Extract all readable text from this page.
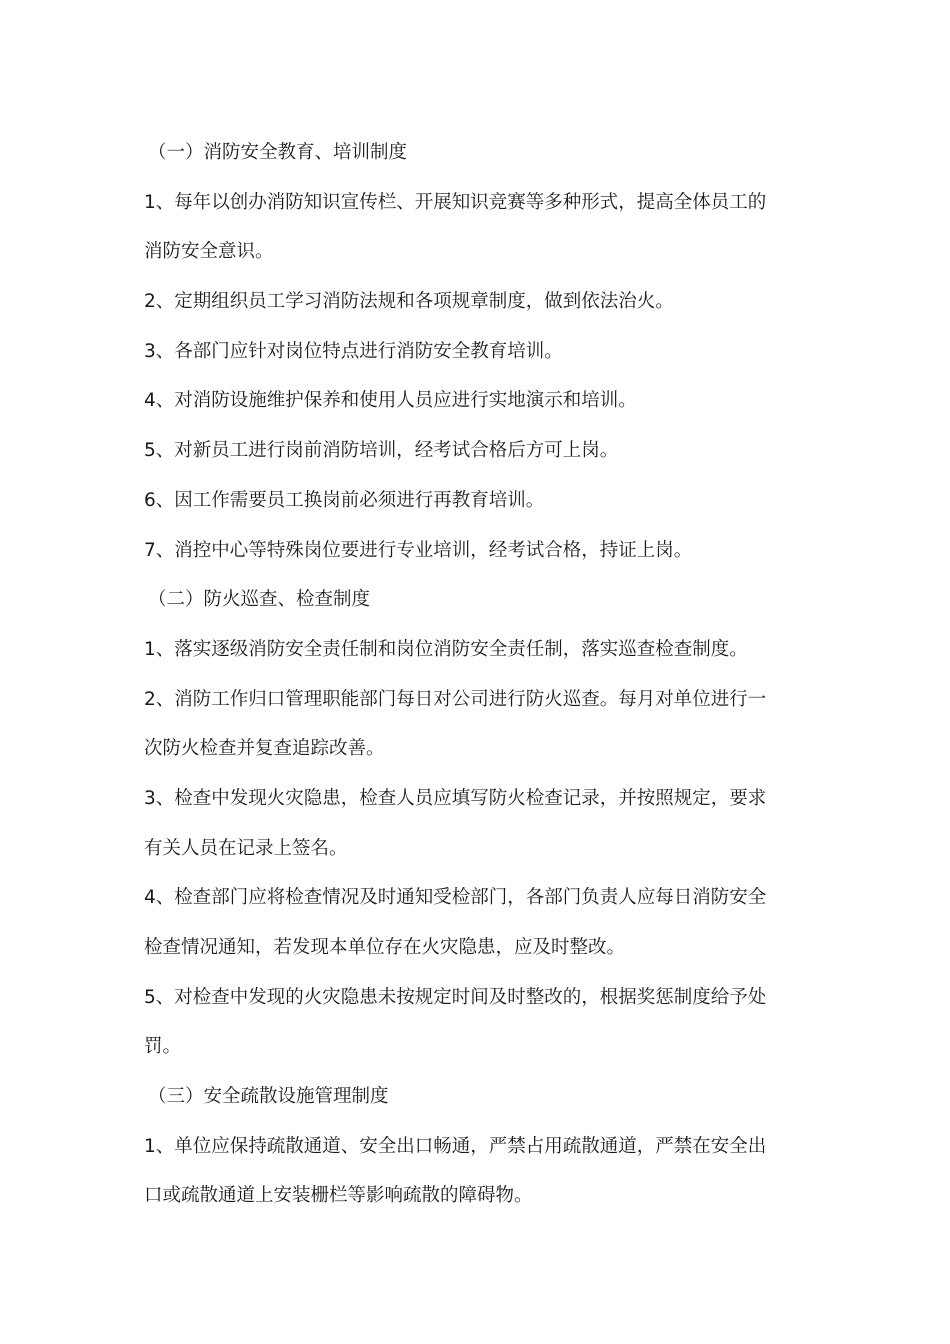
（一）消防安全教育、培训制度
1、每年以创办消防知识宣传栏、开展知识竞赛等多种形式，提高全体员工的
消防安全意识。
2、定期组织员工学习消防法规和各项规章制度，做到依法治火。
3、各部门应针对岗位特点进行消防安全教育培训。
4、对消防设施维护保养和使用人员应进行实地演示和培训。
5、对新员工进行岗前消防培训，经考试合格后方可上岗。
6、因工作需要员工换岗前必须进行再教育培训。
7、消控中心等特殊岗位要进行专业培训，经考试合格，持证上岗。
（二）防火巡查、检查制度
1、落实逐级消防安全责任制和岗位消防安全责任制，落实巡查检查制度。
2、消防工作归口管理职能部门每日对公司进行防火巡查。每月对单位进行一
次防火检查并复查追踪改善。
3、检查中发现火灾隐患，检查人员应填写防火检查记录，并按照规定，要求
有关人员在记录上签名。
4、检查部门应将检查情况及时通知受检部门，各部门负责人应每日消防安全
检查情况通知，若发现本单位存在火灾隐患，应及时整改。
5、对检查中发现的火灾隐患未按规定时间及时整改的，根据奖惩制度给予处
罚。
（三）安全疏散设施管理制度
1、单位应保持疏散通道、安全出口畅通，严禁占用疏散通道，严禁在安全出
口或疏散通道上安装栅栏等影响疏散的障碍物。
